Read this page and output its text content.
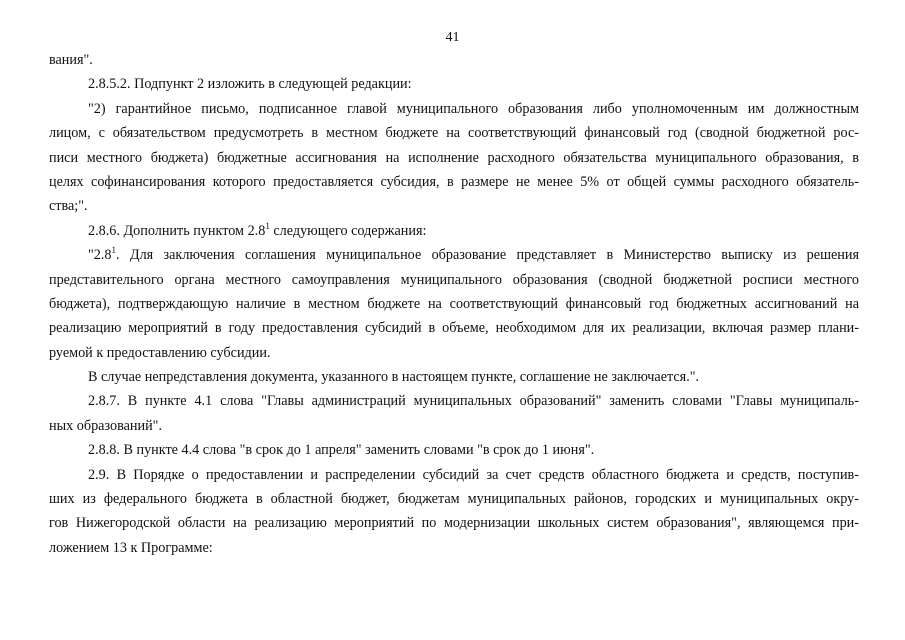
41
вания".
2.8.5.2. Подпункт 2 изложить в следующей редакции:
"2) гарантийное письмо, подписанное главой муниципального образования либо уполномоченным им должностным
лицом, с обязательством предусмотреть в местном бюджете на соответствующий финансовый год (сводной бюджетной рос-
писи местного бюджета) бюджетные ассигнования на исполнение расходного обязательства муниципального образования, в
целях софинансирования которого предоставляется субсидия, в размере не менее 5% от общей суммы расходного обязатель-
ства;".
2.8.6. Дополнить пунктом $2.8^1$ следующего содержания:
"$2.8^1$. Для заключения соглашения муниципальное образование представляет в Министерство выписку из решения
представительного органа местного самоуправления муниципального образования (сводной бюджетной росписи местного
бюджета), подтверждающую наличие в местном бюджете на соответствующий финансовый год бюджетных ассигнований на
реализацию мероприятий в году предоставления субсидий в объеме, необходимом для их реализации, включая размер плани-
руемой к предоставлению субсидии.
В случае непредставления документа, указанного в настоящем пункте, соглашение не заключается.".
2.8.7. В пункте 4.1 слова "Главы администраций муниципальных образований" заменить словами "Главы муниципаль-
ных образований".
2.8.8. В пункте 4.4 слова "в срок до 1 апреля" заменить словами "в срок до 1 июня".
2.9. В Порядке о предоставлении и распределении субсидий за счет средств областного бюджета и средств, поступив-
ших из федерального бюджета в областной бюджет, бюджетам муниципальных районов, городских и муниципальных окру-
гов Нижегородской области на реализацию мероприятий по модернизации школьных систем образования", являющемся при-
ложением 13 к Программе:
